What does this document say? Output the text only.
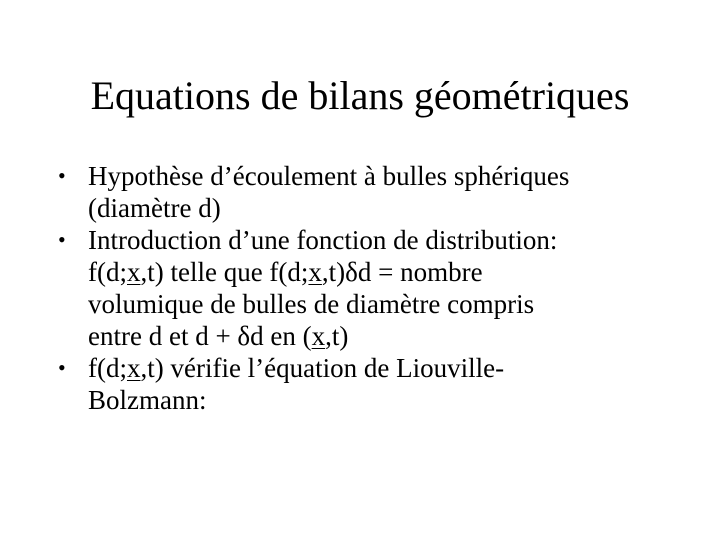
Equations de bilans géométriques
• Hypothèse d’écoulement à bulles sphériques
(diamètre d)
• Introduction d’une fonction de distribution:
f(d;x,t) telle que f(d;x,t)δd = nombre
volumique de bulles de diamètre compris
entre d et d + δd en (x,t)
• f(d;x,t) vérifie l’équation de Liouville-
Bolzmann:
